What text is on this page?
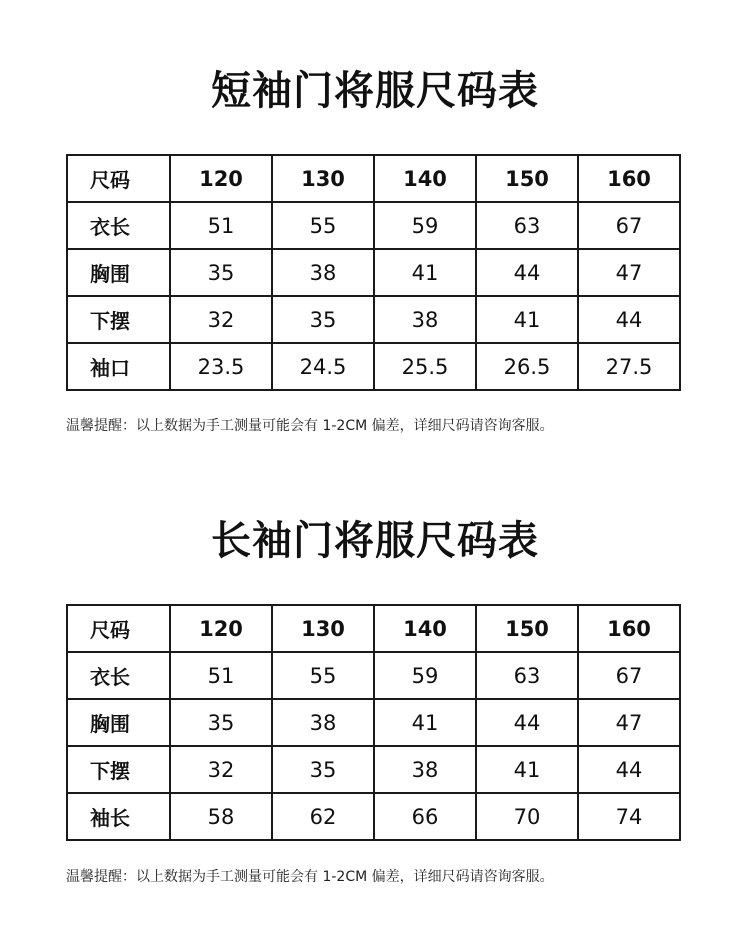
短袖门将服尺码表
尺码	120	130	140	150	160
衣长	51	55	59	63	67
胸围	35	38	41	44	47
下摆	32	35	38	41	44
袖口	23.5	24.5	25.5	26.5	27.5

温馨提醒：以上数据为手工测量可能会有 1-2CM 偏差，详细尺码请咨询客服。

长袖门将服尺码表
尺码	120	130	140	150	160
衣长	51	55	59	63	67
胸围	35	38	41	44	47
下摆	32	35	38	41	44
袖长	58	62	66	70	74

温馨提醒：以上数据为手工测量可能会有 1-2CM 偏差，详细尺码请咨询客服。
